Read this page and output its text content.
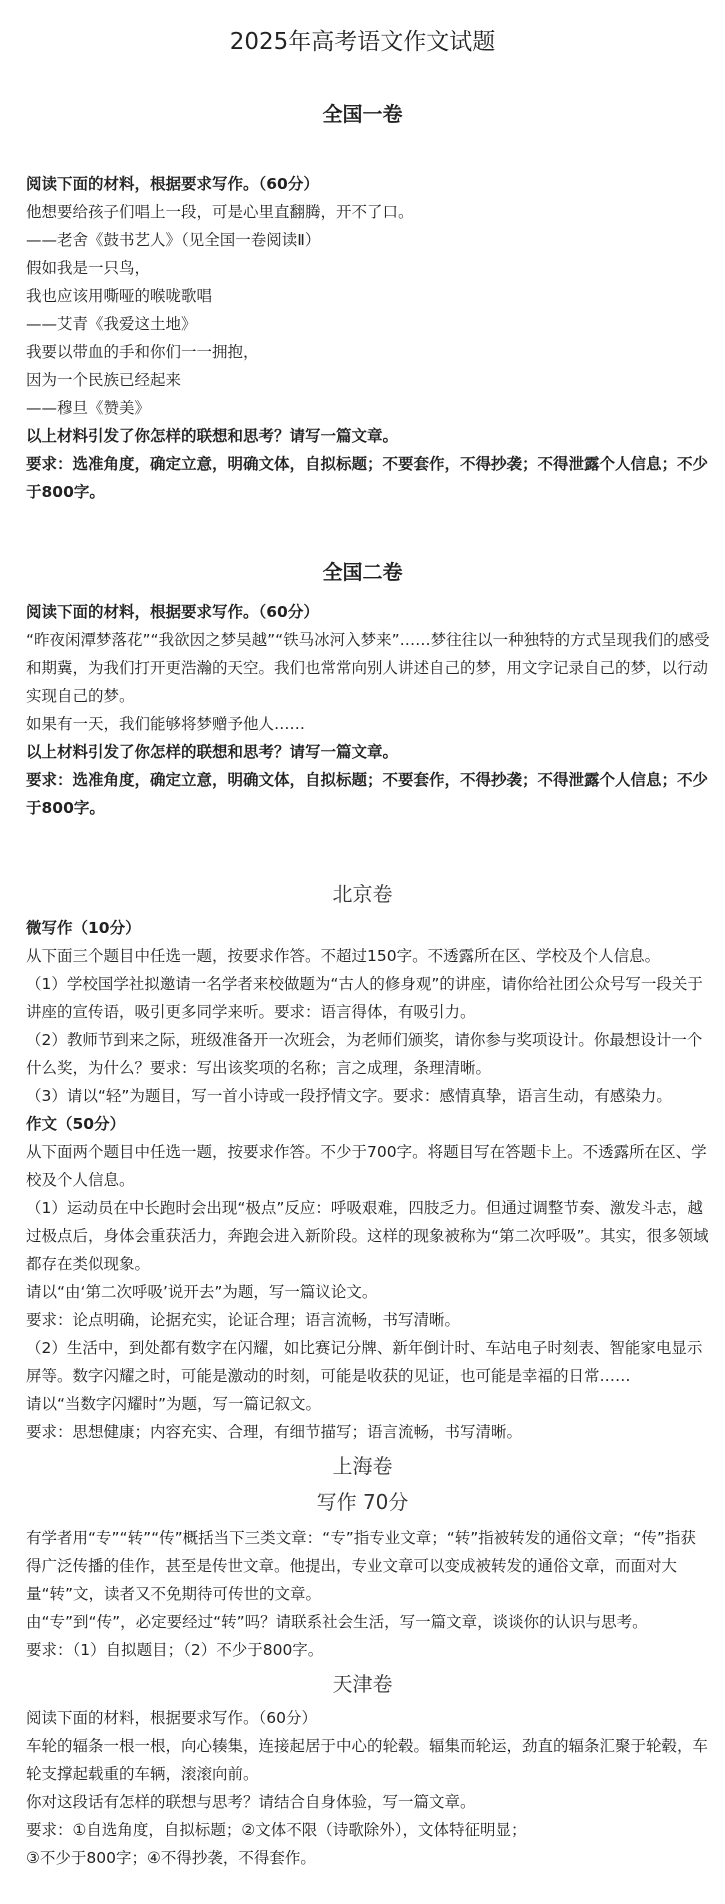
2025年高考语文作文试题
全国一卷
阅读下面的材料，根据要求写作。（60分）
他想要给孩子们唱上一段，可是心里直翻腾，开不了口。
——老舍《鼓书艺人》（见全国一卷阅读Ⅱ）
假如我是一只鸟，
我也应该用嘶哑的喉咙歌唱
——艾青《我爱这土地》
我要以带血的手和你们一一拥抱，
因为一个民族已经起来
——穆旦《赞美》
以上材料引发了你怎样的联想和思考？请写一篇文章。
要求：选准角度，确定立意，明确文体，自拟标题；不要套作，不得抄袭；不得泄露个人信息；不少于800字。
全国二卷
阅读下面的材料，根据要求写作。（60分）
“昨夜闲潭梦落花”“我欲因之梦吴越”“铁马冰河入梦来”……梦往往以一种独特的方式呈现我们的感受和期冀，为我们打开更浩瀚的天空。我们也常常向别人讲述自己的梦，用文字记录自己的梦，以行动实现自己的梦。
如果有一天，我们能够将梦赠予他人……
以上材料引发了你怎样的联想和思考？请写一篇文章。
要求：选准角度，确定立意，明确文体，自拟标题；不要套作，不得抄袭；不得泄露个人信息；不少于800字。
北京卷
微写作（10分）
从下面三个题目中任选一题，按要求作答。不超过150字。不透露所在区、学校及个人信息。
（1）学校国学社拟邀请一名学者来校做题为“古人的修身观”的讲座，请你给社团公众号写一段关于讲座的宣传语，吸引更多同学来听。要求：语言得体，有吸引力。
（2）教师节到来之际，班级准备开一次班会，为老师们颁奖，请你参与奖项设计。你最想设计一个什么奖，为什么？要求：写出该奖项的名称；言之成理，条理清晰。
（3）请以“轻”为题目，写一首小诗或一段抒情文字。要求：感情真挚，语言生动，有感染力。
作文（50分）
从下面两个题目中任选一题，按要求作答。不少于700字。将题目写在答题卡上。不透露所在区、学校及个人信息。
（1）运动员在中长跑时会出现“极点”反应：呼吸艰难，四肢乏力。但通过调整节奏、激发斗志，越过极点后，身体会重获活力，奔跑会进入新阶段。这样的现象被称为“第二次呼吸”。其实，很多领域都存在类似现象。
请以“由‘第二次呼吸’说开去”为题，写一篇议论文。
要求：论点明确，论据充实，论证合理；语言流畅，书写清晰。
（2）生活中，到处都有数字在闪耀，如比赛记分牌、新年倒计时、车站电子时刻表、智能家电显示屏等。数字闪耀之时，可能是激动的时刻，可能是收获的见证，也可能是幸福的日常……
请以“当数字闪耀时”为题，写一篇记叙文。
要求：思想健康；内容充实、合理，有细节描写；语言流畅，书写清晰。
上海卷
写作 70分
有学者用“专”“转”“传”概括当下三类文章：“专”指专业文章；“转”指被转发的通俗文章；“传”指获得广泛传播的佳作，甚至是传世文章。他提出，专业文章可以变成被转发的通俗文章，而面对大量“转”文，读者又不免期待可传世的文章。
由“专”到“传”，必定要经过“转”吗？请联系社会生活，写一篇文章，谈谈你的认识与思考。
要求：（1）自拟题目；（2）不少于800字。
天津卷
阅读下面的材料，根据要求写作。（60分）
车轮的辐条一根一根，向心辏集，连接起居于中心的轮毂。辐集而轮运，劲直的辐条汇聚于轮毂，车轮支撑起载重的车辆，滚滚向前。
你对这段话有怎样的联想与思考？请结合自身体验，写一篇文章。
要求：①自选角度，自拟标题；②文体不限（诗歌除外），文体特征明显；
③不少于800字；④不得抄袭，不得套作。
